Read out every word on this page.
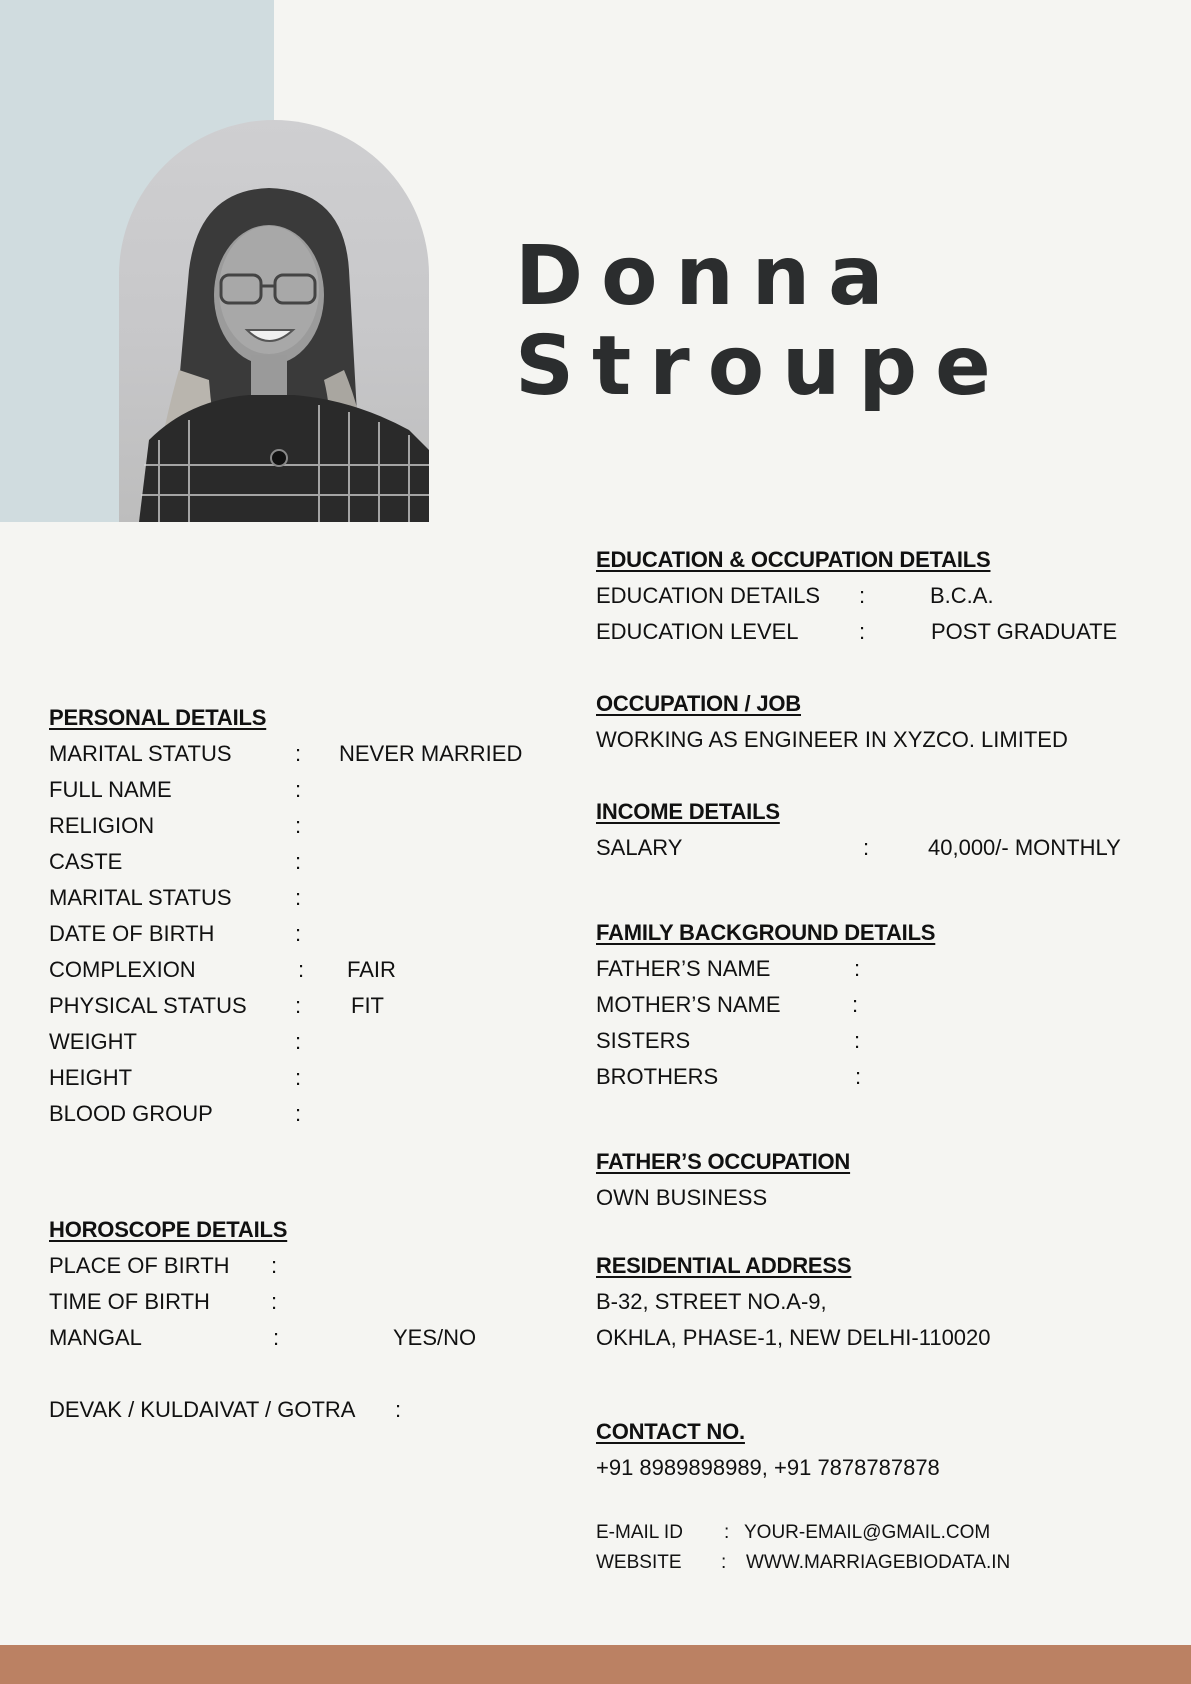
Donna
Stroupe
PERSONAL DETAILS
MARITAL STATUS	: NEVER MARRIED
FULL NAME	:
RELIGION	:
CASTE	:
MARITAL STATUS	:
DATE OF BIRTH	:
COMPLEXION	: FAIR
PHYSICAL STATUS : FIT
WEIGHT	:
HEIGHT	:
BLOOD GROUP	:
HOROSCOPE DETAILS
PLACE OF BIRTH :
TIME OF BIRTH	:
MANGAL	:	YES/NO
DEVAK / KULDAIVAT / GOTRA :
EDUCATION & OCCUPATION DETAILS
EDUCATION DETAILS :	B.C.A.
EDUCATION LEVEL	:	POST GRADUATE
OCCUPATION / JOB
WORKING AS ENGINEER IN XYZCO. LIMITED
INCOME DETAILS
SALARY	:	40,000/- MONTHLY
FAMILY BACKGROUND DETAILS
FATHER’S NAME	:
MOTHER’S NAME	:
SISTERS	:
BROTHERS	:
FATHER’S OCCUPATION
OWN BUSINESS
RESIDENTIAL ADDRESS
B-32, STREET NO.A-9,
OKHLA, PHASE-1, NEW DELHI-110020
CONTACT NO.
+91 8989898989, +91 7878787878
E-MAIL ID : YOUR-EMAIL@GMAIL.COM
WEBSITE : WWW.MARRIAGEBIODATA.IN
